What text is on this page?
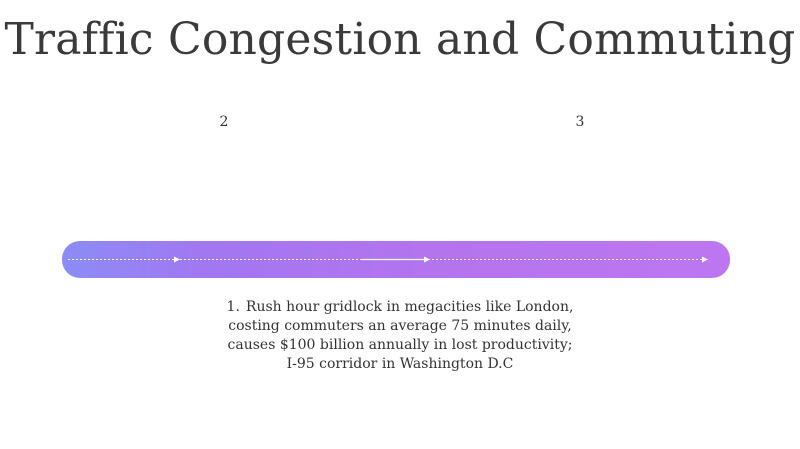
Traffic Congestion and Commuting
2	3
1. Rush hour gridlock in megacities like London,
costing commuters an average 75 minutes daily,
causes $100 billion annually in lost productivity;
I-95 corridor in Washington D.C
